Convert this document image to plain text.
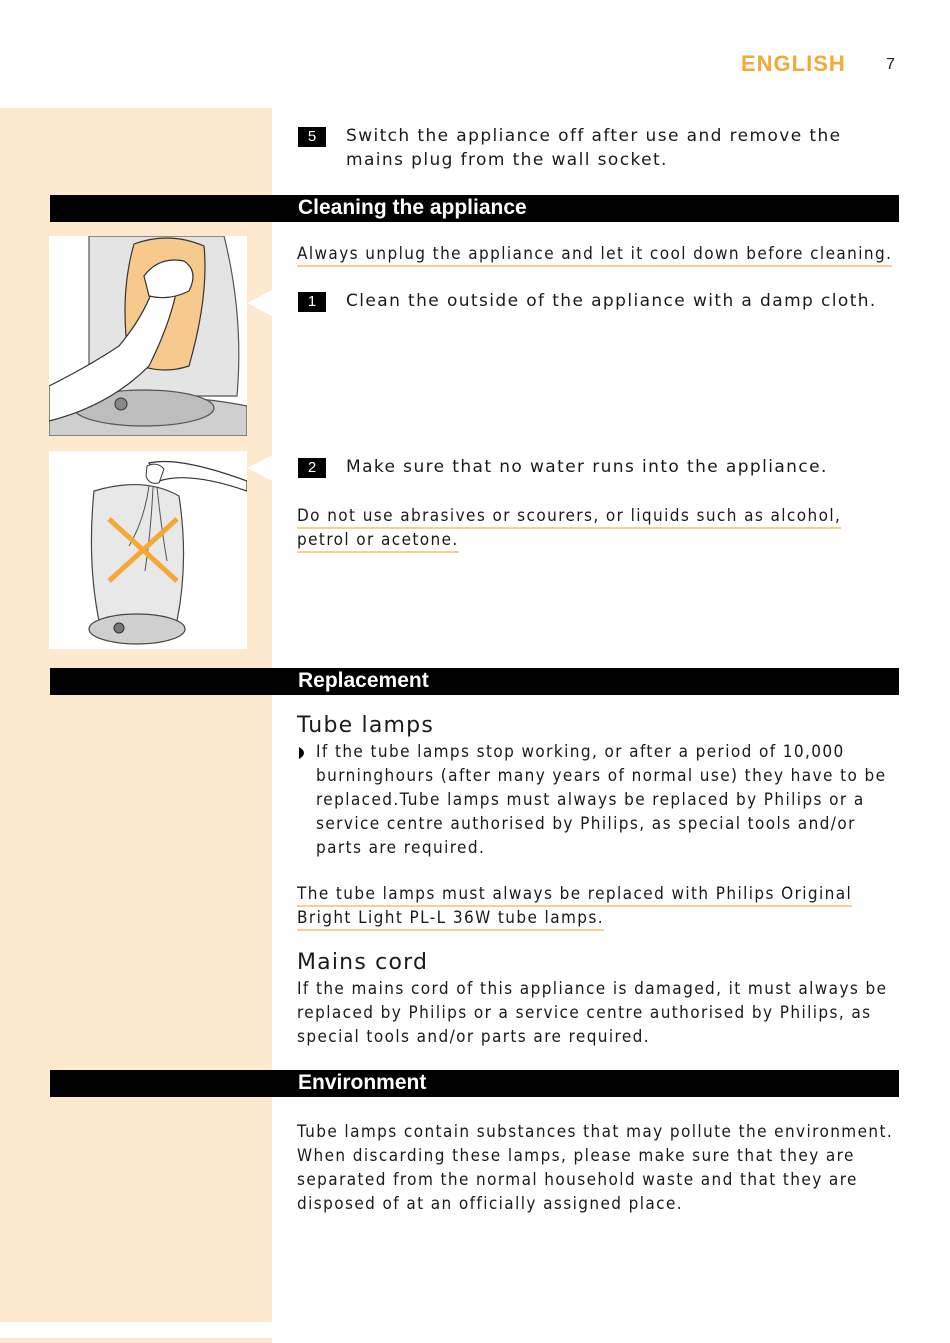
ENGLISH	7
5	Switch the appliance off after use and remove the mains plug from the wall socket.
Cleaning the appliance
Always unplug the appliance and let it cool down before cleaning.
1	Clean the outside of the appliance with a damp cloth.
2	Make sure that no water runs into the appliance.
Do not use abrasives or scourers, or liquids such as alcohol, petrol or acetone.
Replacement
Tube lamps
If the tube lamps stop working, or after a period of 10,000 burninghours (after many years of normal use) they have to be replaced.Tube lamps must always be replaced by Philips or a service centre authorised by Philips, as special tools and/or parts are required.
The tube lamps must always be replaced with Philips Original Bright Light PL-L 36W tube lamps.
Mains cord
If the mains cord of this appliance is damaged, it must always be replaced by Philips or a service centre authorised by Philips, as special tools and/or parts are required.
Environment
Tube lamps contain substances that may pollute the environment. When discarding these lamps, please make sure that they are separated from the normal household waste and that they are disposed of at an officially assigned place.
